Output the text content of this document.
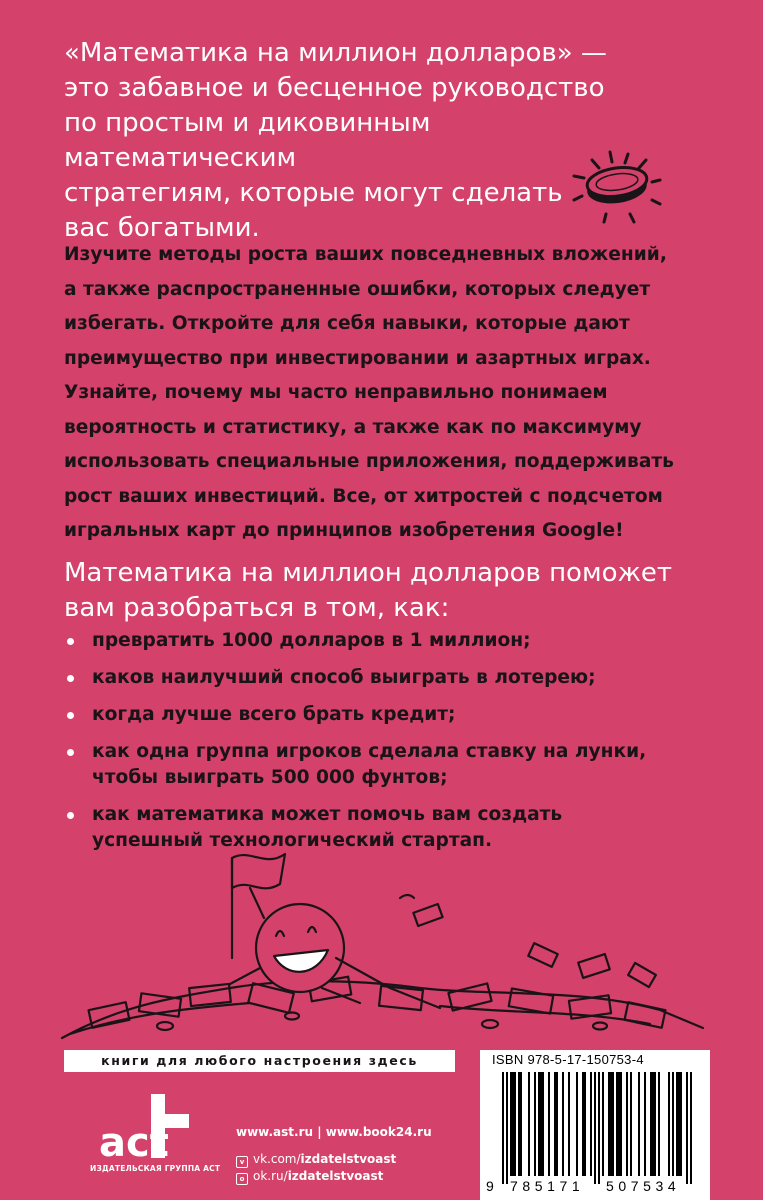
«Математика на миллион долларов» —
это забавное и бесценное руководство
по простым и диковинным математическим
стратегиям, которые могут сделать
вас богатыми.

Изучите методы роста ваших повседневных вложений,
а также распространенные ошибки, которых следует
избегать. Откройте для себя навыки, которые дают
преимущество при инвестировании и азартных играх.
Узнайте, почему мы часто неправильно понимаем
вероятность и статистику, а также как по максимуму
использовать специальные приложения, поддерживать
рост ваших инвестиций. Все, от хитростей с подсчетом
игральных карт до принципов изобретения Google!

Математика на миллион долларов поможет
вам разобраться в том, как:

превратить 1000 долларов в 1 миллион;
каков наилучший способ выиграть в лотерею;
когда лучше всего брать кредит;
как одна группа игроков сделала ставку на лунки,
чтобы выиграть 500 000 фунтов;
как математика может помочь вам создать
успешный технологический стартап.
книги для любого настроения здесь
act
ИЗДАТЕЛЬСКАЯ ГРУППА АСТ
www.ast.ru | www.book24.ru
v vk.com/izdatelstvoast
o ok.ru/izdatelstvoast
ISBN 978-5-17-150753-4
9 785171 507534
